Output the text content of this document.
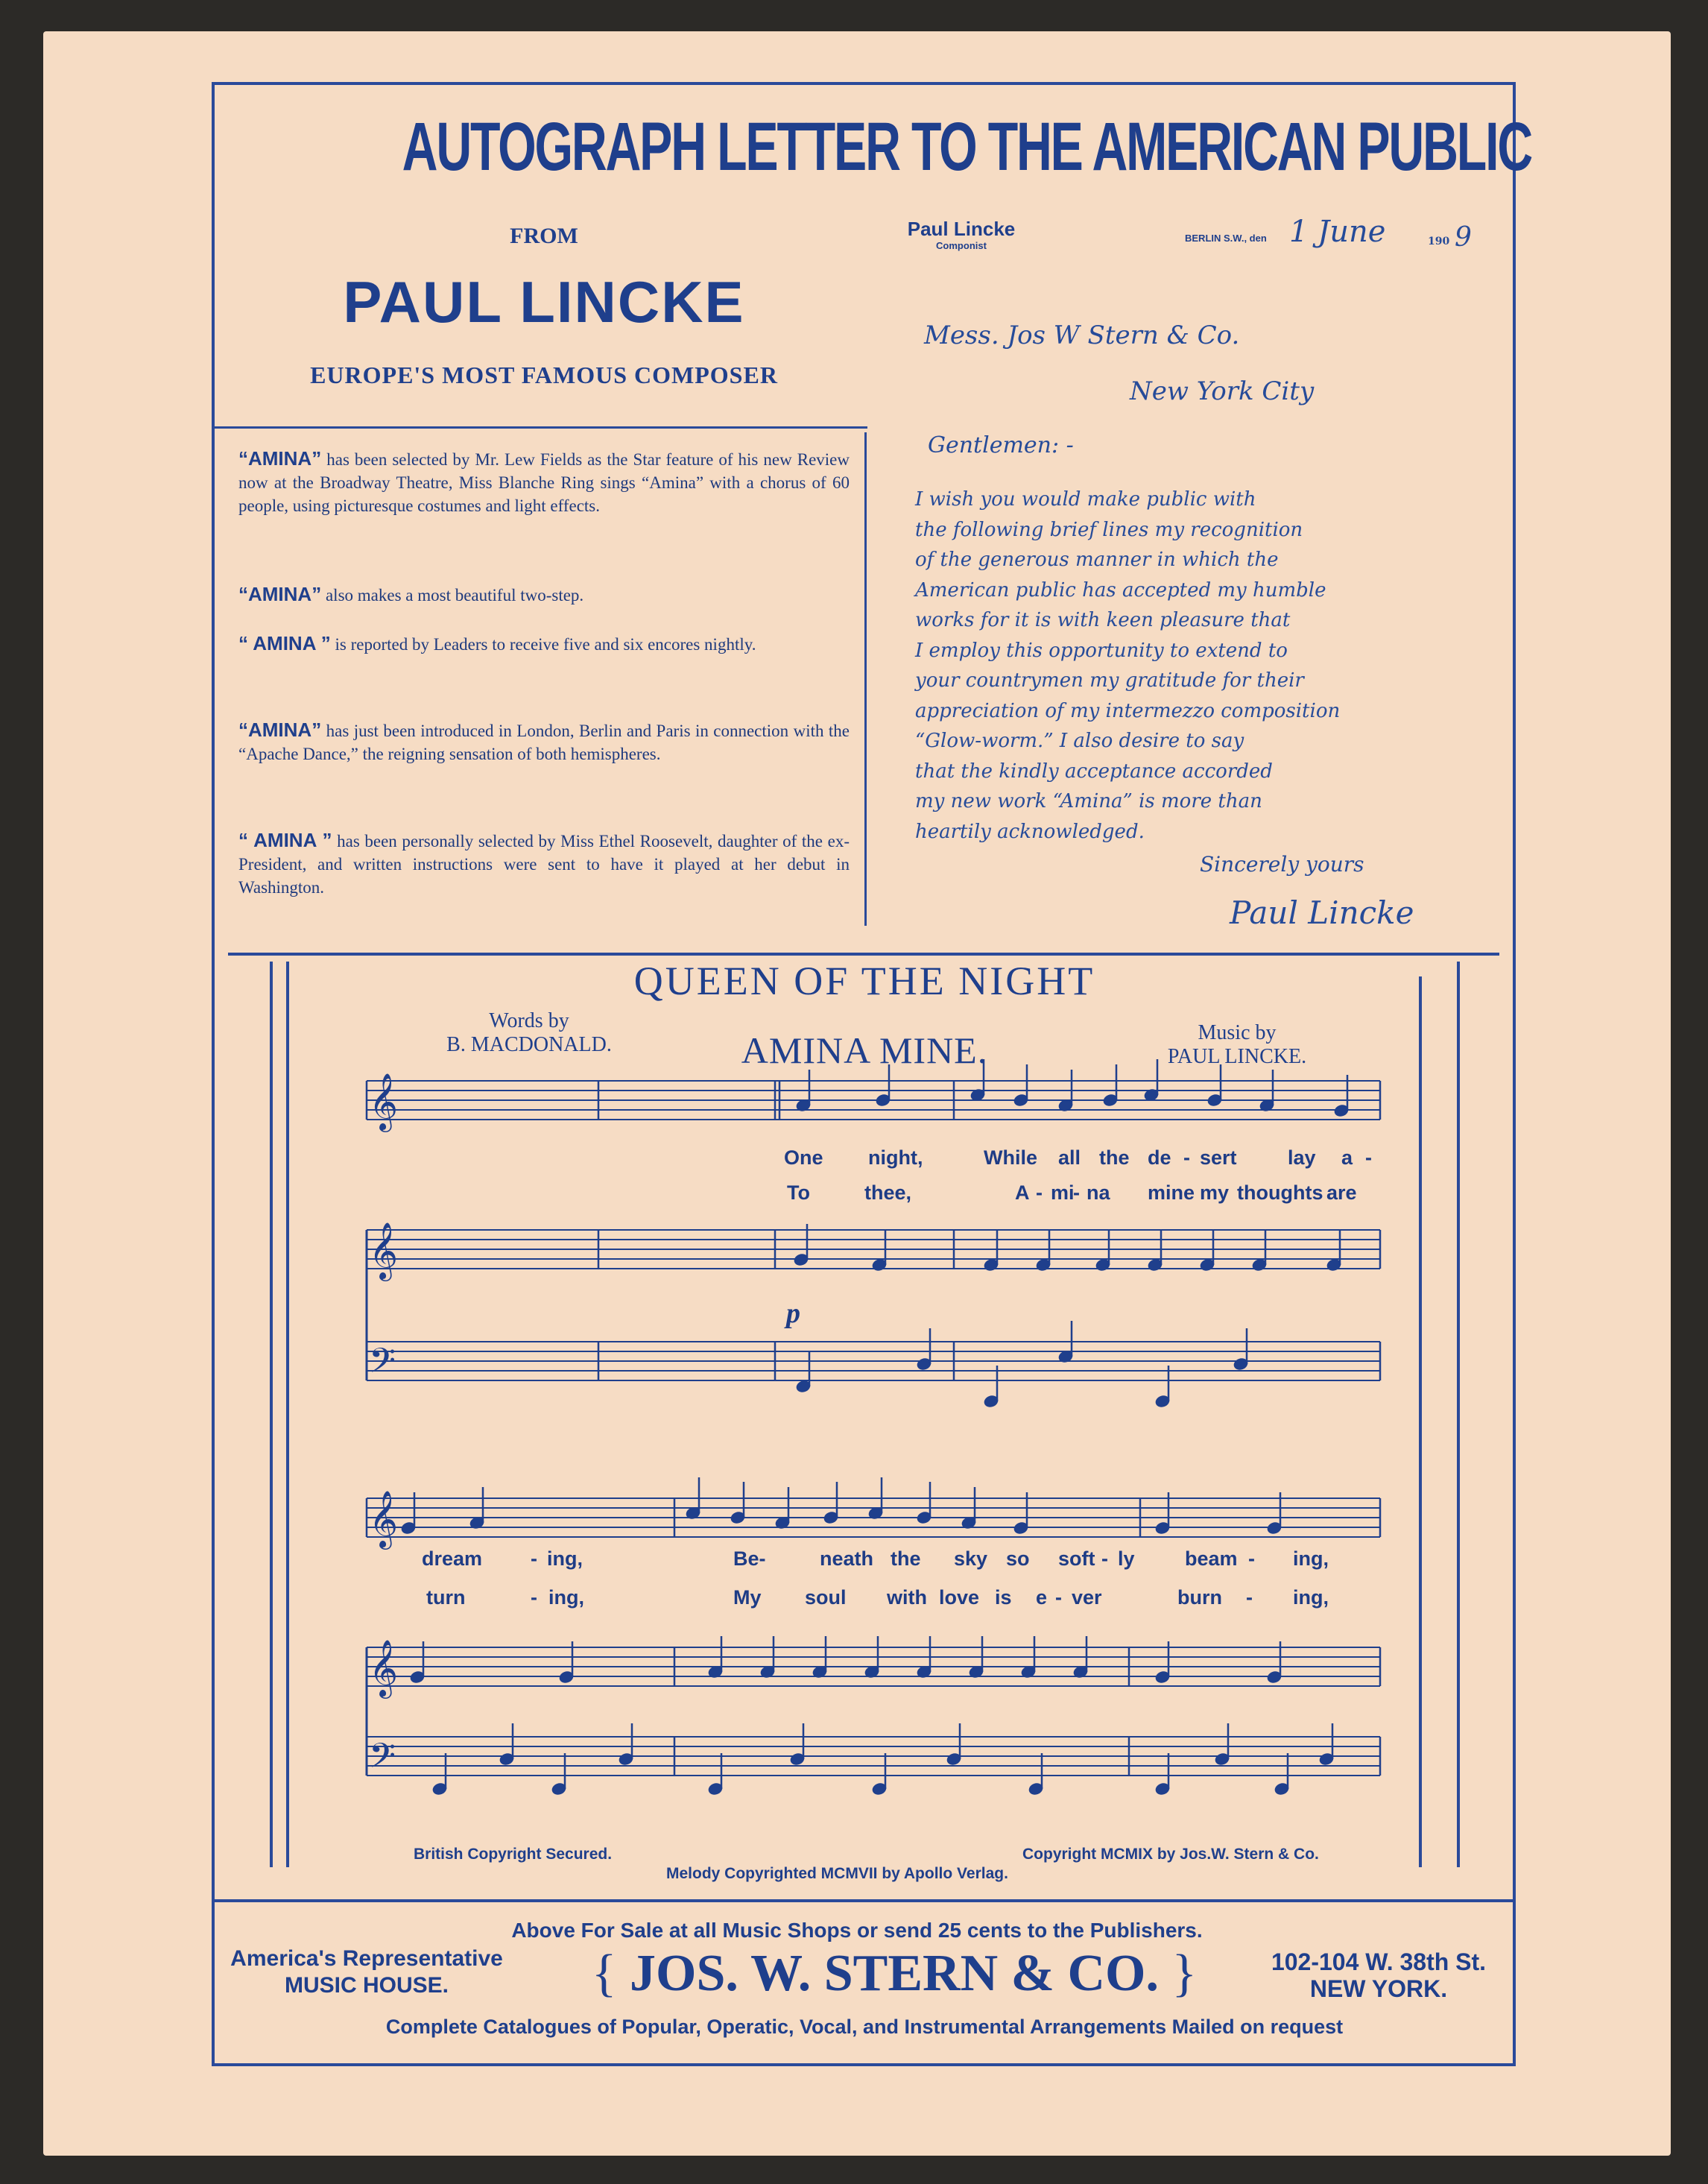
AUTOGRAPH LETTER TO THE AMERICAN PUBLIC
FROM
PAUL LINCKE
EUROPE'S MOST FAMOUS COMPOSER

“AMINA” has been selected by Mr. Lew Fields as the Star feature of his new Review now at the Broadway Theatre, Miss Blanche Ring sings “Amina” with a chorus of 60 people, using picturesque costumes and light effects.

“AMINA” also makes a most beautiful two-step.

“ AMINA ” is reported by Leaders to receive five and six encores nightly.

“AMINA” has just been introduced in London, Berlin and Paris in connection with the “Apache Dance,” the reigning sensation of both hemispheres.

“ AMINA ” has been personally selected by Miss Ethel Roosevelt, daughter of the ex-President, and written instructions were sent to have it played at her debut in Washington.

Paul Lincke
Componist
BERLIN S.W., den 1 June	190 9
Mess. Jos W Stern & Co.
New York City
Gentlemen: -
I wish you would make public with
the following brief lines my recognition
of the generous manner in which the
American public has accepted my humble
works for it is with keen pleasure that
I employ this opportunity to extend to
your countrymen my gratitude for their
appreciation of my intermezzo composition
“Glow-worm.” I also desire to say
that the kindly acceptance accorded
my new work “Amina” is more than
heartily acknowledged.
Sincerely yours
Paul Lincke
QUEEN OF THE NIGHT
AMINA MINE.
Words by
B. MACDONALD.
Music by
PAUL LINCKE.
𝄞
𝄞
𝄢
𝄞
𝄞
𝄢
p
One night,	While all the de - sert	lay a -
To	thee,	A - mi
- na mine my thoughts are
dream - ing,	Be-	neath the sky so soft - ly beam - ing,
turn	- ing,	My soul with love is e - ver	burn - ing,
British Copyright Secured.	Copyright MCMIX by Jos.W. Stern & Co.
Melody Copyrighted MCMVII by Apollo Verlag.
Above For Sale at all Music Shops or send 25 cents to the Publishers.
America's Representative
MUSIC HOUSE.	{ JOS. W. STERN & CO. }	102-104 W. 38th St.
NEW YORK.
Complete Catalogues of Popular, Operatic, Vocal, and Instrumental Arrangements Mailed on request
